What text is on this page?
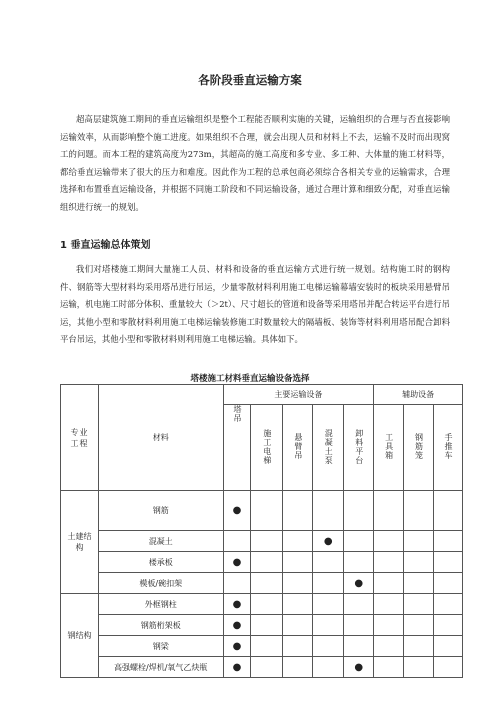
各阶段垂直运输方案

超高层建筑施工期间的垂直运输组织是整个工程能否顺利实施的关键，运输组织的合理与否直接影响运输效率，从而影响整个施工进度。如果组织不合理，就会出现人员和材料上不去，运输不及时而出现窝工的问题。而本工程的建筑高度为273m，其超高的施工高度和多专业、多工种、大体量的施工材料等，都给垂直运输带来了很大的压力和难度。因此作为工程的总承包商必须综合各相关专业的运输需求，合理选择和布置垂直运输设备，并根据不同施工阶段和不同运输设备，通过合理计算和细致分配，对垂直运输组织进行统一的规划。

1 垂直运输总体策划

我们对塔楼施工期间大量施工人员、材料和设备的垂直运输方式进行统一规划。结构施工时的钢构件、钢筋等大型材料均采用塔吊进行吊运，少量零散材料利用施工电梯运输幕墙安装时的板块采用悬臂吊运输，机电施工时部分体积、重量较大（＞2t）、尺寸超长的管道和设备等采用塔吊并配合转运平台进行吊运，其他小型和零散材料利用施工电梯运输装修施工时数量较大的隔墙板、装饰等材料利用塔吊配合卸料平台吊运，其他小型和零散材料则利用施工电梯运输。具体如下。

塔楼施工材料垂直运输设备选择
专业工程	材料	主要运输设备					辅助设备		
		塔吊	施工电梯	悬臂吊	混凝土泵	卸料平台	工具箱	钢筋笼	手推车
土建结构	钢筋	●							
	混凝土				●				
	楼承板	●							
	模板/碗扣架					●			
钢结构	外框钢柱	●							
	钢筋桁架板	●							
	钢梁	●							
	高强螺栓/焊机/氧气乙炔瓶	●				●			
